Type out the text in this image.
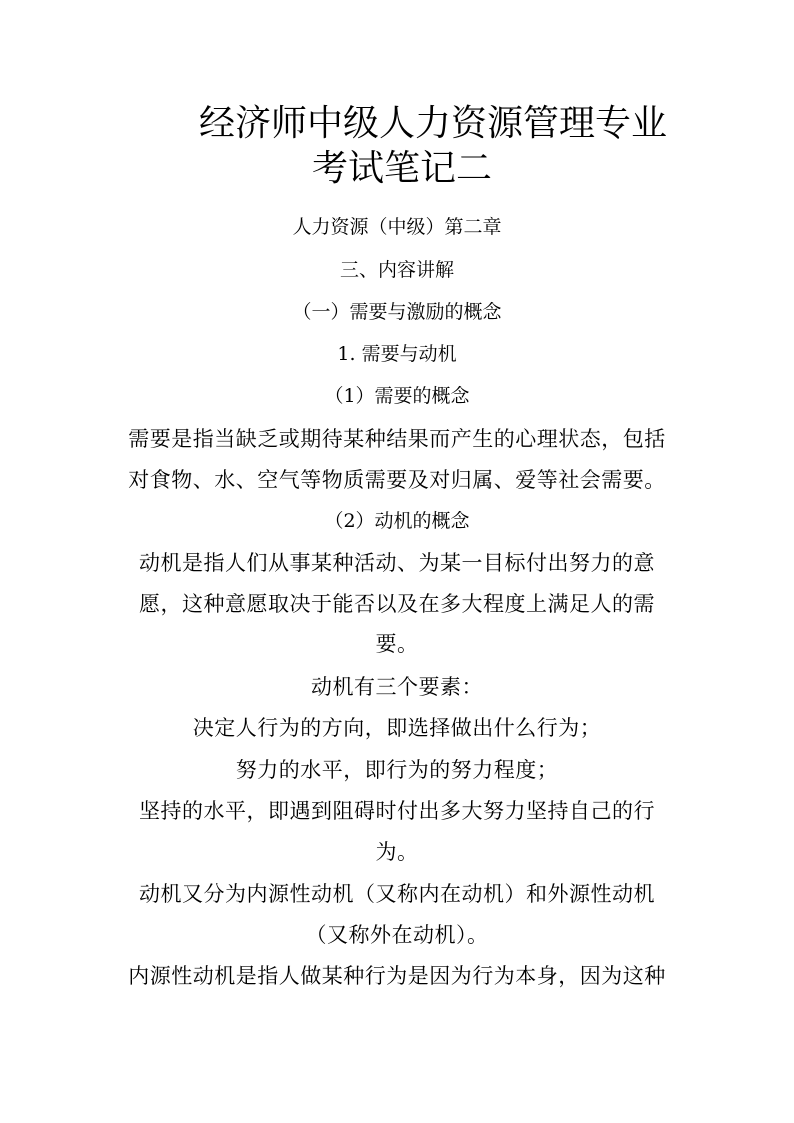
经济师中级人力资源管理专业
考试笔记二

人力资源（中级）第二章

三、内容讲解

（一）需要与激励的概念

1. 需要与动机

（1）需要的概念

需要是指当缺乏或期待某种结果而产生的心理状态，包括

对食物、水、空气等物质需要及对归属、爱等社会需要。

（2）动机的概念

动机是指人们从事某种活动、为某一目标付出努力的意

愿，这种意愿取决于能否以及在多大程度上满足人的需

要。

动机有三个要素：

决定人行为的方向，即选择做出什么行为；

努力的水平，即行为的努力程度；

坚持的水平，即遇到阻碍时付出多大努力坚持自己的行

为。

动机又分为内源性动机（又称内在动机）和外源性动机

（又称外在动机）。

内源性动机是指人做某种行为是因为行为本身，因为这种
